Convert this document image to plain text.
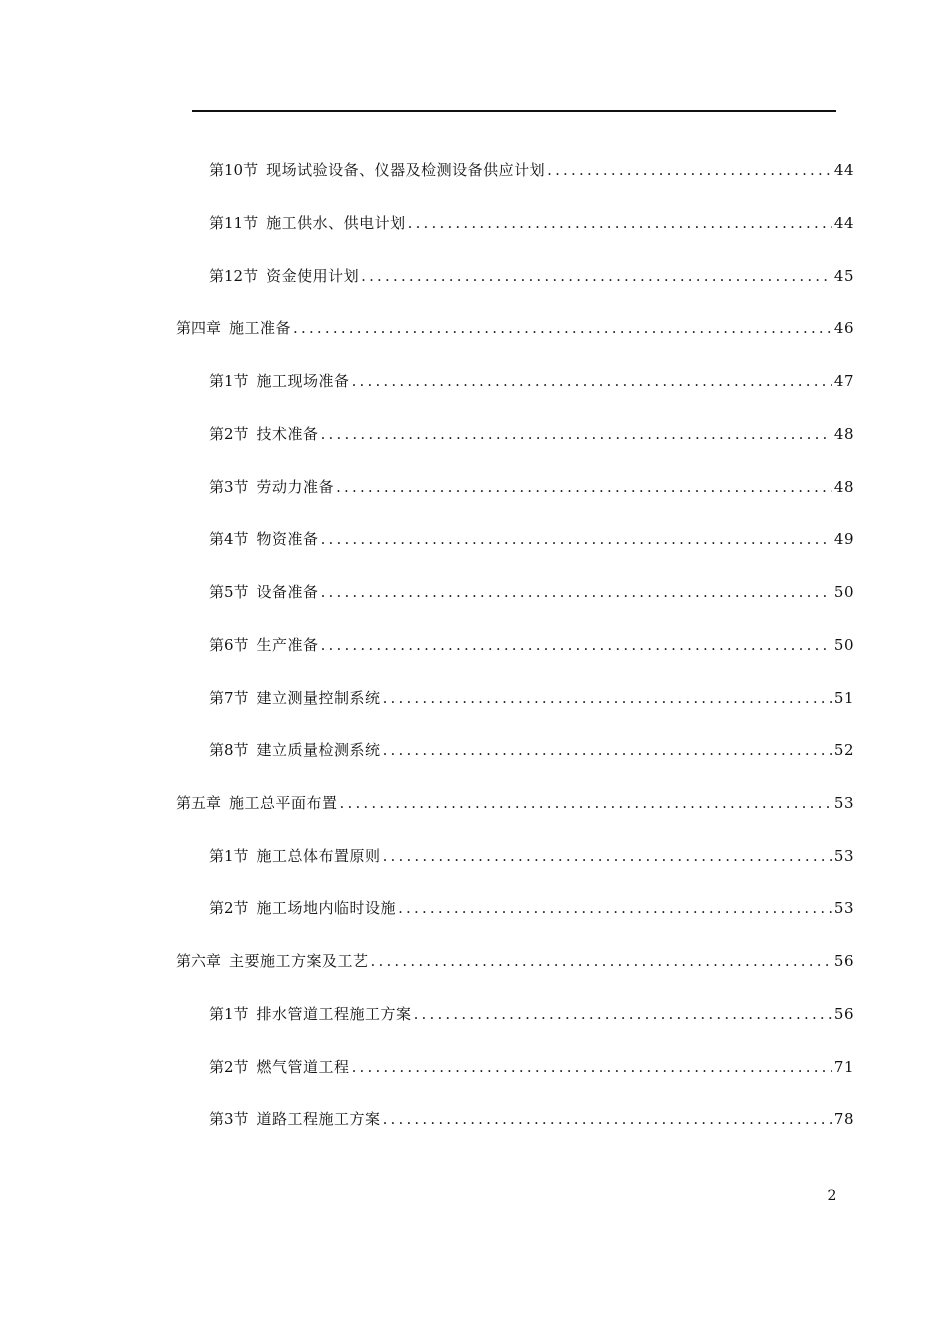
第10节 现场试验设备、仪器及检测设备供应计划 .....	44
第11节 施工供水、供电计划 .....	44
第12节 资金使用计划 .....	45
第四章 施工准备 .....	46
第1节 施工现场准备 .....	47
第2节 技术准备 .....	48
第3节 劳动力准备 .....	48
第4节 物资准备 .....	49
第5节 设备准备 .....	50
第6节 生产准备 .....	50
第7节 建立测量控制系统 .....	51
第8节 建立质量检测系统 .....	52
第五章 施工总平面布置 .....	53
第1节 施工总体布置原则 .....	53
第2节 施工场地内临时设施 .....	53
第六章 主要施工方案及工艺 .....	56
第1节 排水管道工程施工方案 .....	56
第2节 燃气管道工程 .....	71
第3节 道路工程施工方案 .....	78
2
